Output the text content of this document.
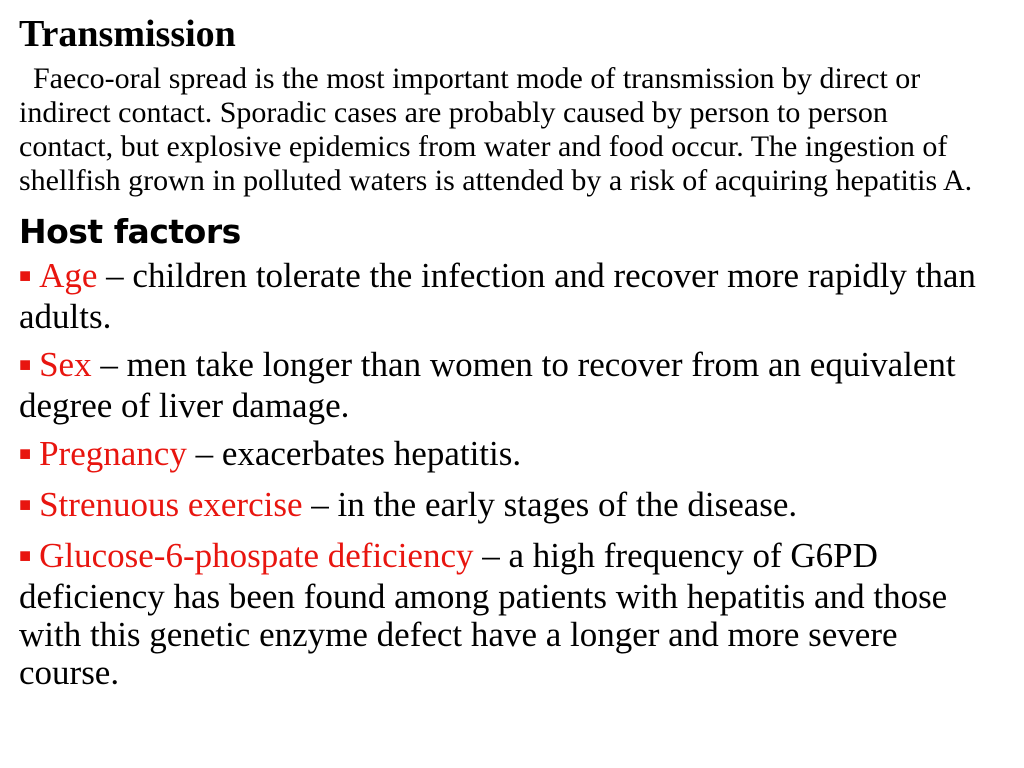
Transmission

Faeco-oral spread is the most important mode of transmission by direct or indirect contact. Sporadic cases are probably caused by person to person contact, but explosive epidemics from water and food occur. The ingestion of shellfish grown in polluted waters is attended by a risk of acquiring hepatitis A.

Host factors
■ Age – children tolerate the infection and recover more rapidly than adults.
■ Sex – men take longer than women to recover from an equivalent degree of liver damage.
■ Pregnancy – exacerbates hepatitis.
■ Strenuous exercise – in the early stages of the disease.
■ Glucose-6-phospate deficiency – a high frequency of G6PD deficiency has been found among patients with hepatitis and those with this genetic enzyme defect have a longer and more severe course.
